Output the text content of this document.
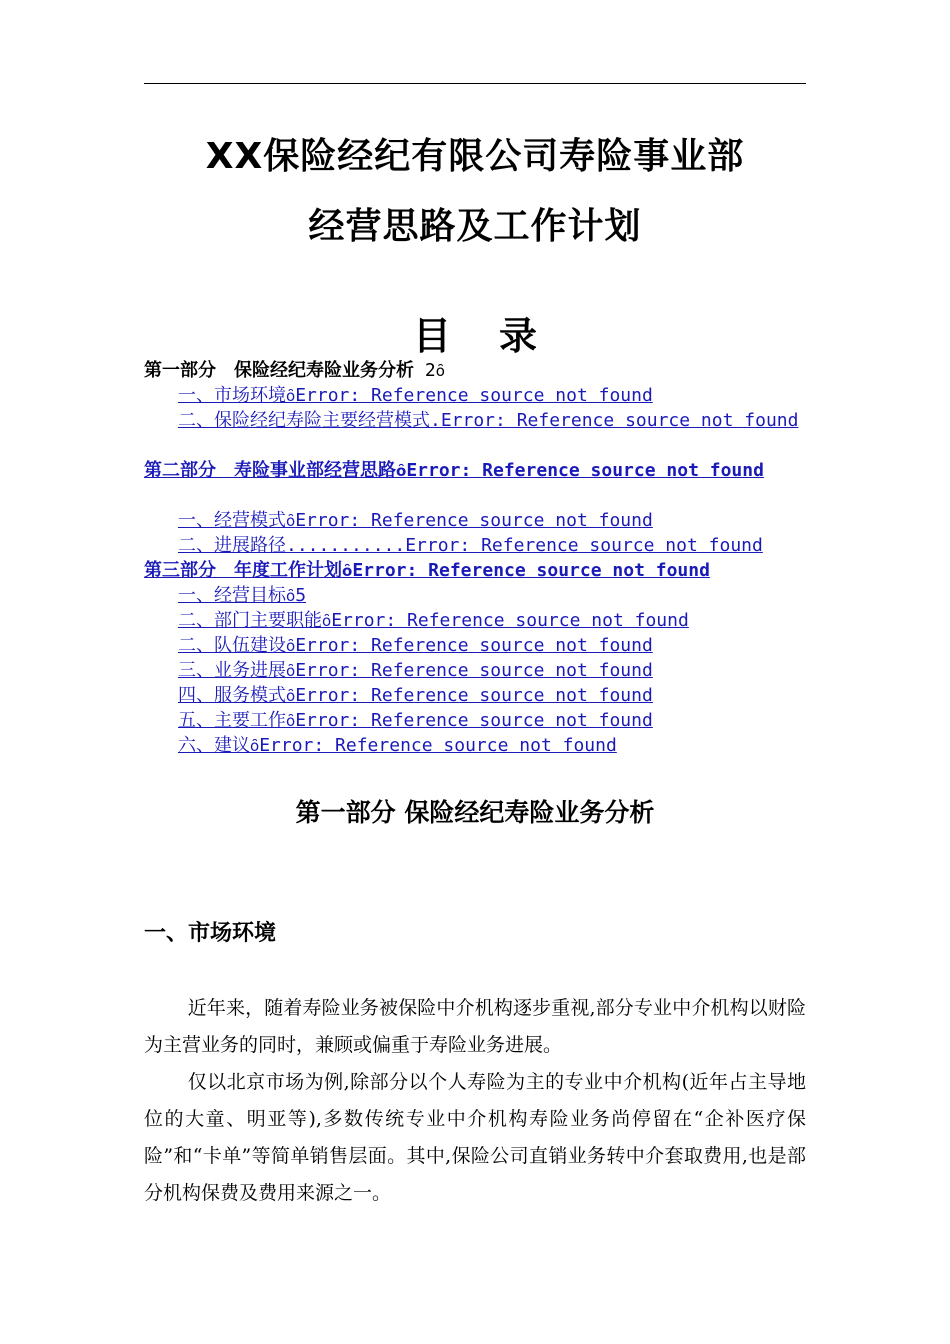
XX保险经纪有限公司寿险事业部
经营思路及工作计划
目 录
第一部分　保险经纪寿险业务分析 2ȏ
一、市场环境ȏError: Reference source not found
二、保险经纪寿险主要经营模式.Error: Reference source not found
第二部分　寿险事业部经营思路ȏError: Reference source not found
一、经营模式ȏError: Reference source not found
二、进展路径...........Error: Reference source not found
第三部分　年度工作计划ȏError: Reference source not found
一、经营目标ȏ5
二、部门主要职能ȏError: Reference source not found
二、队伍建设ȏError: Reference source not found
三、业务进展ȏError: Reference source not found
四、服务模式ȏError: Reference source not found
五、主要工作ȏError: Reference source not found
六、建议ȏError: Reference source not found
第一部分 保险经纪寿险业务分析
一、市场环境

近年来，随着寿险业务被保险中介机构逐步重视,部分专业中介机构以财险为主营业务的同时，兼顾或偏重于寿险业务进展。

仅以北京市场为例,除部分以个人寿险为主的专业中介机构(近年占主导地位的大童、明亚等),多数传统专业中介机构寿险业务尚停留在“企补医疗保险”和“卡单”等简单销售层面。其中,保险公司直销业务转中介套取费用,也是部分机构保费及费用来源之一。
